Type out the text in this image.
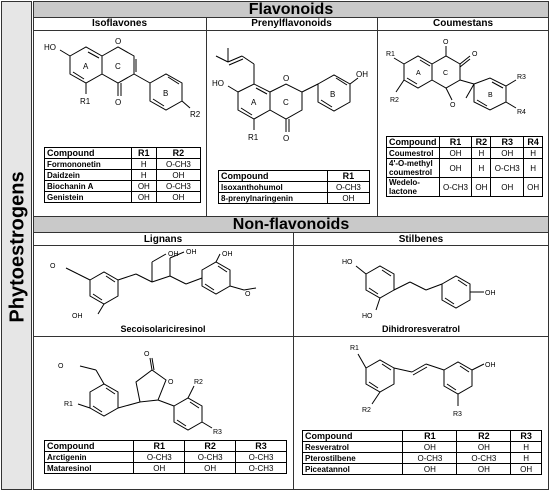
Phytoestrogens
Flavonoids
Non-flavonoids
Isoflavones	Prenylflavonoids	Coumestans
Lignans	Stilbenes
HO
A	C
O
O
R1
B
R2
Compound	R1	R2
Formononetin	H	O-CH3
Daidzein	H	OH
Biochanin A	OH	O-CH3
Genistein	OH	OH
HO
A	C
O
O
R1
B
OH
Compound	R1
Isoxanthohumol	O-CH3
8-prenylnaringenin	OH
R1
R2
R3
R4
A	C
B
O
O
O
Compound	R1	R2	R3	R4
Coumestrol	OH	H	OH	H
4'-O-methyl coumestrol	OH	H	O-CH3	H
Wedelo-lactone	O-CH3	OH	OH	OH
O
OH
OH OH	OH
O
Secoisolariciresinol
O
O
O
R1
R2
R3
Compound	R1	R2	R3
Arctigenin	O-CH3	O-CH3	O-CH3
Mataresinol	OH	OH	O-CH3
HO
HO
OH
Dihidroresveratrol
R1
R2
OH
R3
Compound	R1	R2	R3
Resveratrol	OH	OH	H
Pterostilbene	O-CH3	O-CH3	H
Piceatannol	OH	OH	OH
